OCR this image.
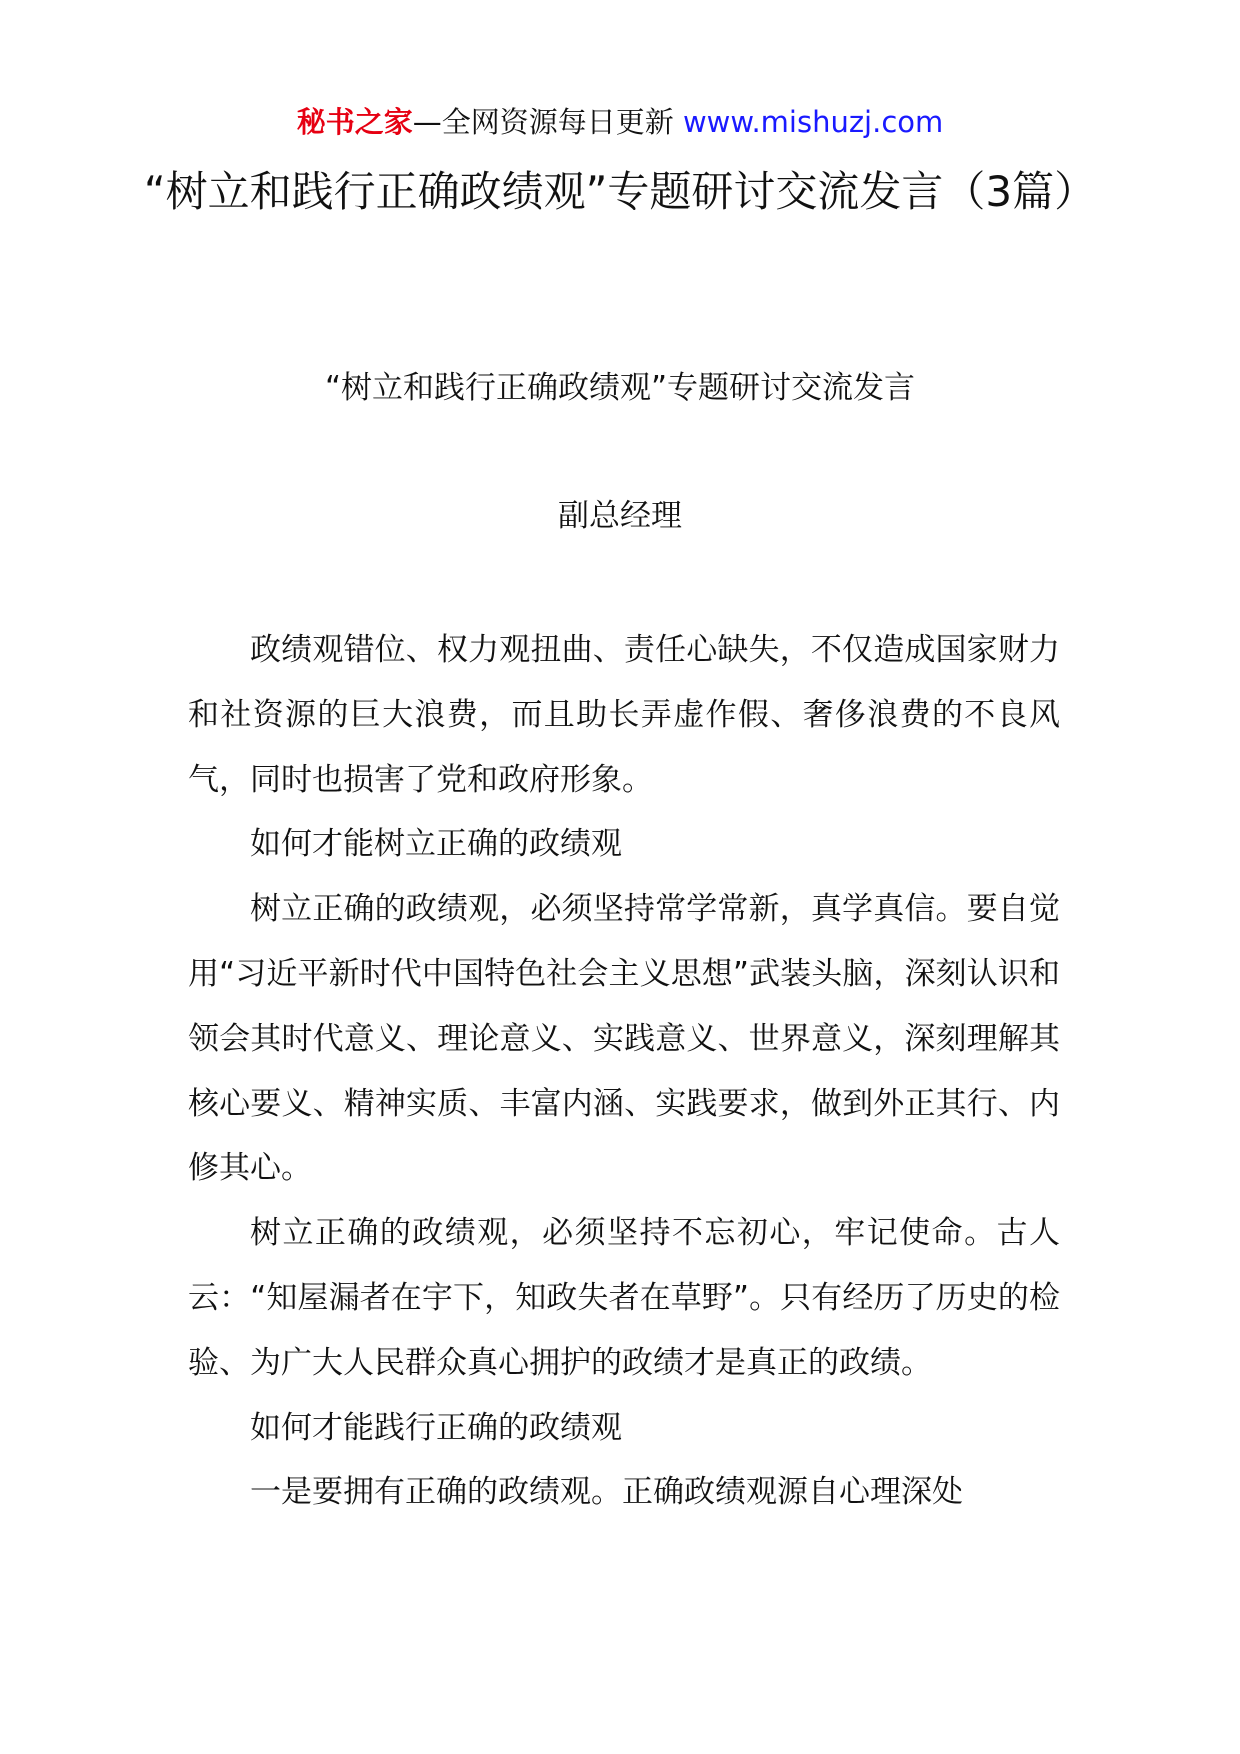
秘书之家—全网资源每日更新 www.mishuzj.com
“树立和践行正确政绩观”专题研讨交流发言（3篇）
“树立和践行正确政绩观”专题研讨交流发言
副总经理

政绩观错位、权力观扭曲、责任心缺失，不仅造成国家财力和社资源的巨大浪费，而且助长弄虚作假、奢侈浪费的不良风气，同时也损害了党和政府形象。

如何才能树立正确的政绩观

树立正确的政绩观，必须坚持常学常新，真学真信。要自觉用“习近平新时代中国特色社会主义思想”武装头脑，深刻认识和领会其时代意义、理论意义、实践意义、世界意义，深刻理解其核心要义、精神实质、丰富内涵、实践要求，做到外正其行、内修其心。

树立正确的政绩观，必须坚持不忘初心，牢记使命。古人云：“知屋漏者在宇下，知政失者在草野”。只有经历了历史的检验、为广大人民群众真心拥护的政绩才是真正的政绩。

如何才能践行正确的政绩观

一是要拥有正确的政绩观。正确政绩观源自心理深处
